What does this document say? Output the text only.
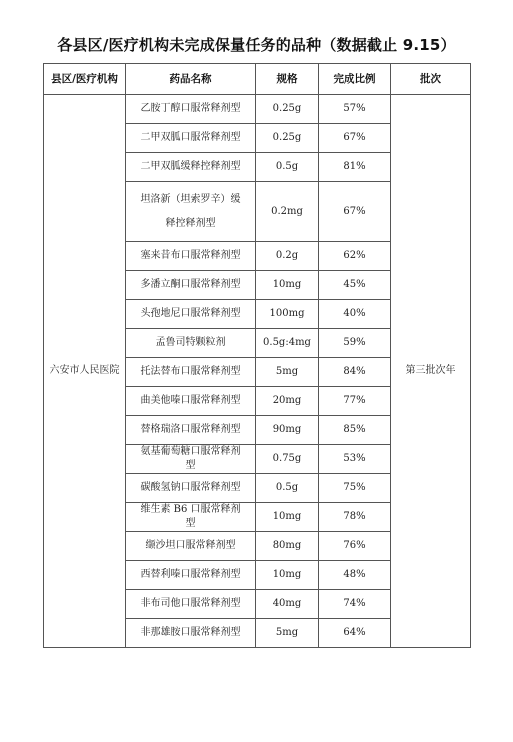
各县区/医疗机构未完成保量任务的品种（数据截止 9.15）
县区/医疗机构	药品名称	规格	完成比例	批次
六安市人民医院	乙胺丁醇口服常释剂型	0.25g	57%	第三批次年
	二甲双胍口服常释剂型	0.25g	67%	
	二甲双胍缓释控释剂型	0.5g	81%	
	坦洛新（坦索罗辛）缓释控释剂型	0.2mg	67%	
	塞来昔布口服常释剂型	0.2g	62%	
	多潘立酮口服常释剂型	10mg	45%	
	头孢地尼口服常释剂型	100mg	40%	
	孟鲁司特颗粒剂	0.5g:4mg	59%	
	托法替布口服常释剂型	5mg	84%	
	曲美他嗪口服常释剂型	20mg	77%	
	替格瑞洛口服常释剂型	90mg	85%	
	氨基葡萄糖口服常释剂型	0.75g	53%	
	碳酸氢钠口服常释剂型	0.5g	75%	
	维生素 B6 口服常释剂型	10mg	78%	
	缬沙坦口服常释剂型	80mg	76%	
	西替利嗪口服常释剂型	10mg	48%	
	非布司他口服常释剂型	40mg	74%	
	非那雄胺口服常释剂型	5mg	64%	
